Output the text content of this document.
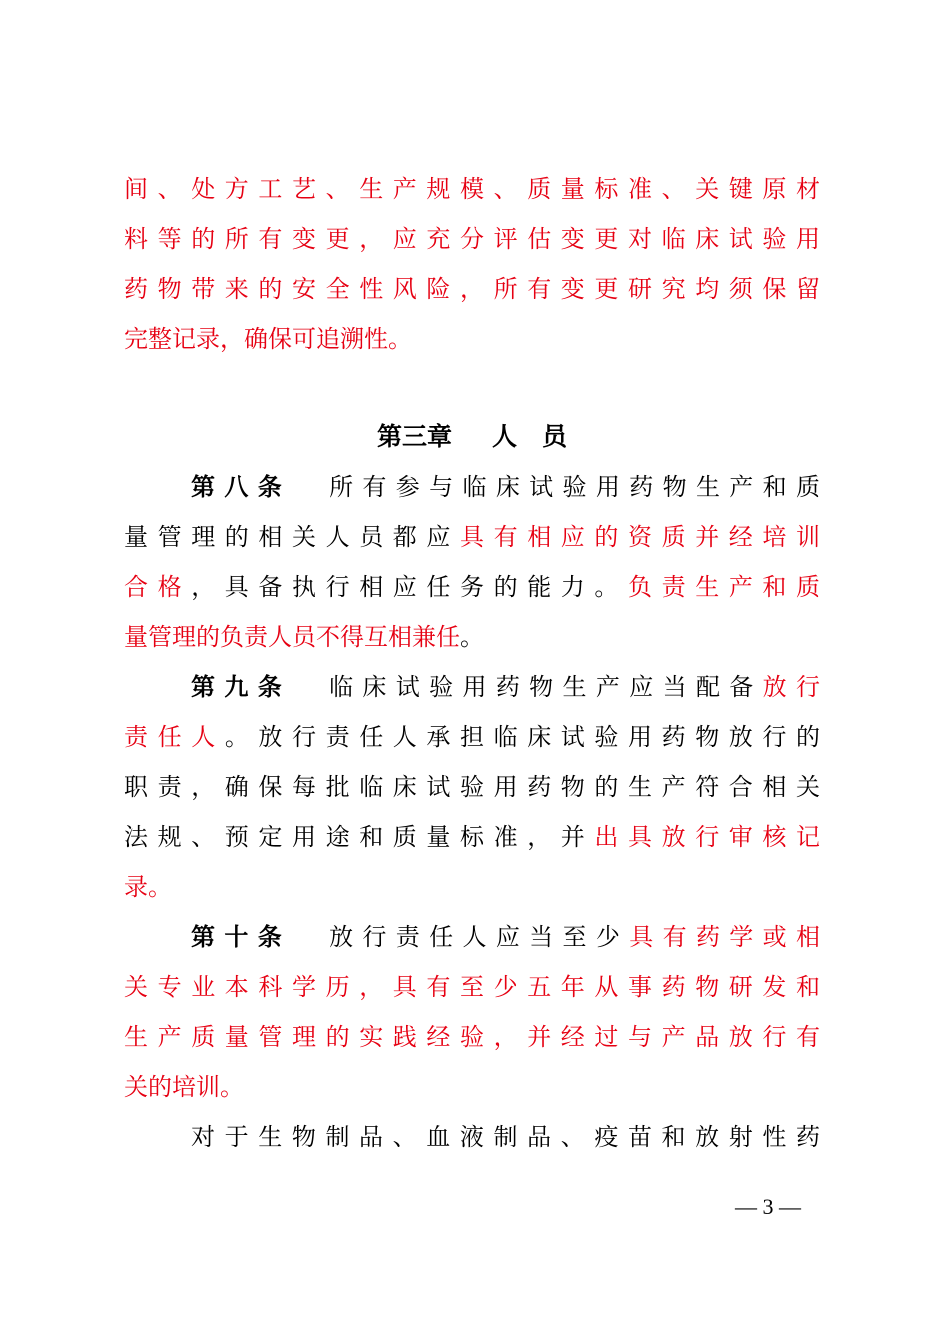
间、处方工艺、生产规模、质量标准、关键原材
料等的所有变更，应充分评估变更对临床试验用
药物带来的安全性风险，所有变更研究均须保留
完整记录，确保可追溯性。
第三章 人　员
第八条 所有参与临床试验用药物生产和质
量管理的相关人员都应具有相应的资质并经培训
合格，具备执行相应任务的能力。负责生产和质
量管理的负责人员不得互相兼任。
第九条 临床试验用药物生产应当配备放行
责任人。放行责任人承担临床试验用药物放行的
职责，确保每批临床试验用药物的生产符合相关
法规、预定用途和质量标准，并出具放行审核记
录。
第十条 放行责任人应当至少具有药学或相
关专业本科学历，具有至少五年从事药物研发和
生产质量管理的实践经验，并经过与产品放行有
关的培训。
对于生物制品、血液制品、疫苗和放射性药
— 3 —
